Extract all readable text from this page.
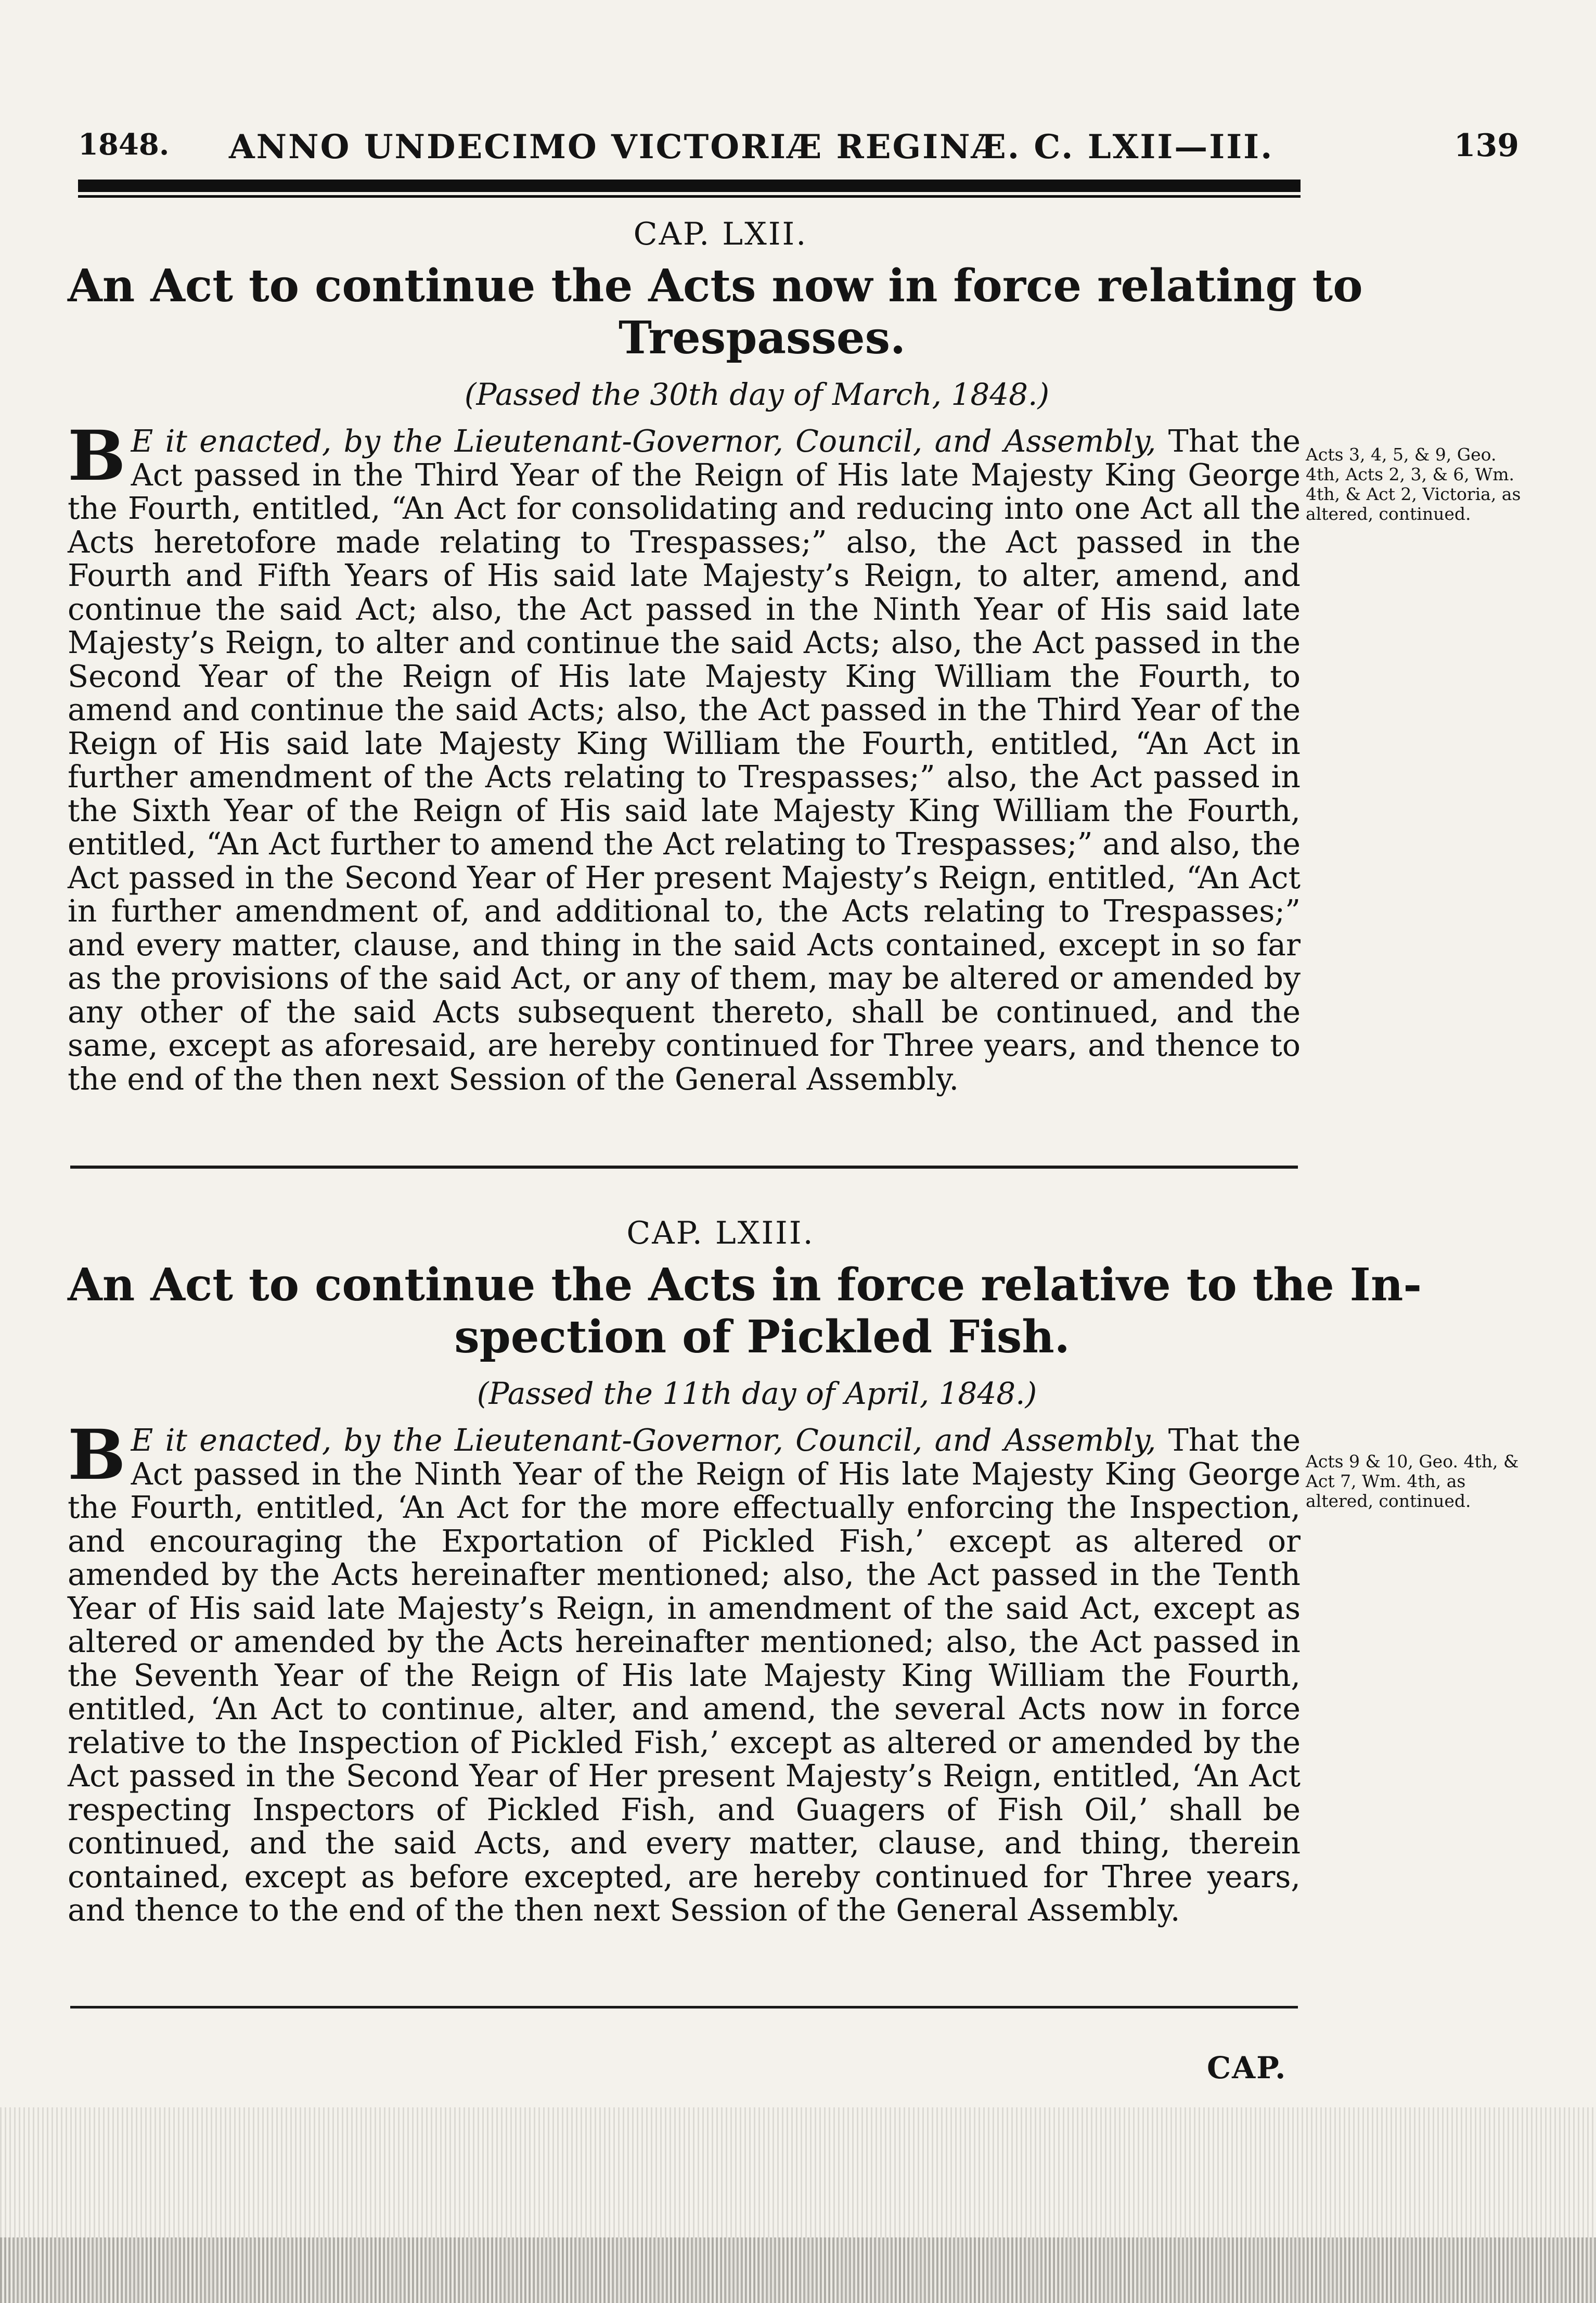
1848. ANNO UNDECIMO VICTORIÆ REGINÆ. C. LXII—III.	139
CAP. LXII.
An Act to continue the Acts now in force relating to
Trespasses.
(Passed the 30th day of March, 1848.)
B E it enacted, by the Lieutenant-Governor, Council, and Assembly, That the Act passed in the Third Year of the Reign of His late Majesty King George the Fourth, entitled, “An Act for consolidating and reducing into one Act all the Acts heretofore made relating to Trespasses;” also, the Act passed in the Fourth and Fifth Years of His said late Majesty’s Reign, to alter, amend, and continue the said Act; also, the Act passed in the Ninth Year of His said late Majesty’s Reign, to alter and continue the said Acts; also, the Act passed in the Second Year of the Reign of His late Majesty King William the Fourth, to amend and continue the said Acts; also, the Act passed in the Third Year of the Reign of His said late Majesty King William the Fourth, entitled, “An Act in further amendment of the Acts relating to Trespasses;” also, the Act passed in the Sixth Year of the Reign of His said late Majesty King William the Fourth, entitled, “An Act further to amend the Act relating to Trespasses;” and also, the Act passed in the Second Year of Her present Majesty’s Reign, entitled, “An Act in further amendment of, and additional to, the Acts relating to Trespasses;” and every matter, clause, and thing in the said Acts contained, except in so far as the provisions of the said Act, or any of them, may be altered or amended by any other of the said Acts subsequent thereto, shall be continued, and the same, except as aforesaid, are hereby continued for Three years, and thence to the end of the then next Session of the General Assembly.
Acts 3, 4, 5, & 9, Geo. 4th, Acts 2, 3, & 6, Wm. 4th, & Act 2, Victoria, as altered, continued.
CAP. LXIII.
An Act to continue the Acts in force relative to the In-
spection of Pickled Fish.
(Passed the 11th day of April, 1848.)
B E it enacted, by the Lieutenant-Governor, Council, and Assembly, That the Act passed in the Ninth Year of the Reign of His late Majesty King George the Fourth, entitled, ‘An Act for the more effectually enforcing the Inspection, and encouraging the Exportation of Pickled Fish,’ except as altered or amended by the Acts hereinafter mentioned; also, the Act passed in the Tenth Year of His said late Majesty’s Reign, in amendment of the said Act, except as altered or amended by the Acts hereinafter mentioned; also, the Act passed in the Seventh Year of the Reign of His late Majesty King William the Fourth, entitled, ‘An Act to continue, alter, and amend, the several Acts now in force relative to the Inspection of Pickled Fish,’ except as altered or amended by the Act passed in the Second Year of Her present Majesty’s Reign, entitled, ‘An Act respecting Inspectors of Pickled Fish, and Guagers of Fish Oil,’ shall be continued, and the said Acts, and every matter, clause, and thing, therein contained, except as before excepted, are hereby continued for Three years, and thence to the end of the then next Session of the General Assembly.
Acts 9 & 10, Geo. 4th, & Act 7, Wm. 4th, as altered, continued.
CAP.
